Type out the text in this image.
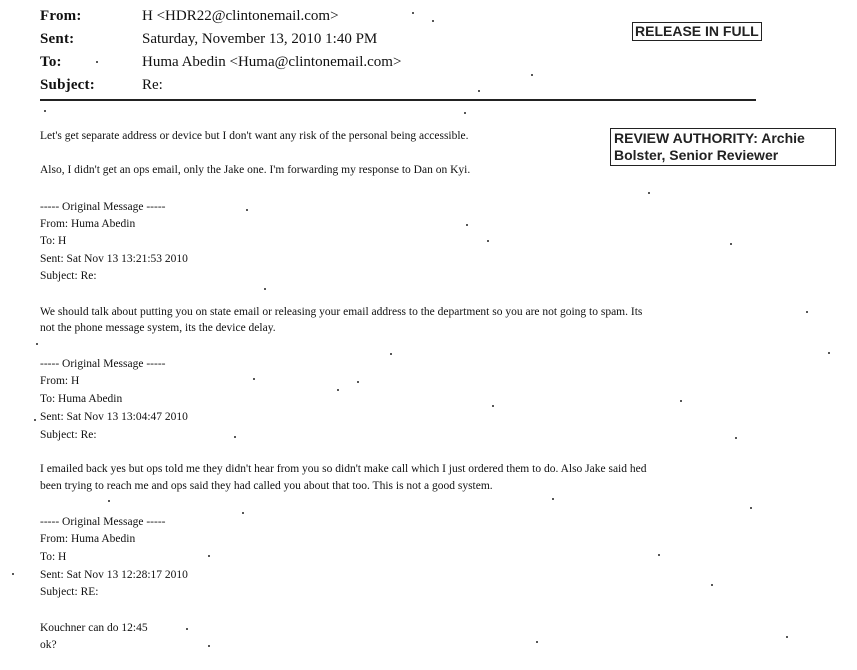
From:	H <HDR22@clintonemail.com>
Sent:	Saturday, November 13, 2010 1:40 PM
To:	Huma Abedin <Huma@clintonemail.com>
Subject:	Re:
RELEASE IN FULL
REVIEW AUTHORITY: Archie Bolster, Senior Reviewer
Let's get separate address or device but I don't want any risk of the personal being accessible.
Also, I didn't get an ops email, only the Jake one. I'm forwarding my response to Dan on Kyi.
----- Original Message -----
From: Huma Abedin
To: H
Sent: Sat Nov 13 13:21:53 2010
Subject: Re:
We should talk about putting you on state email or releasing your email address to the department so you are not going to spam. Its
not the phone message system, its the device delay.
----- Original Message -----
From: H
To: Huma Abedin
Sent: Sat Nov 13 13:04:47 2010
Subject: Re:
I emailed back yes but ops told me they didn't hear from you so didn't make call which I just ordered them to do. Also Jake said hed
been trying to reach me and ops said they had called you about that too. This is not a good system.
----- Original Message -----
From: Huma Abedin
To: H
Sent: Sat Nov 13 12:28:17 2010
Subject: RE:
Kouchner can do 12:45
ok?
